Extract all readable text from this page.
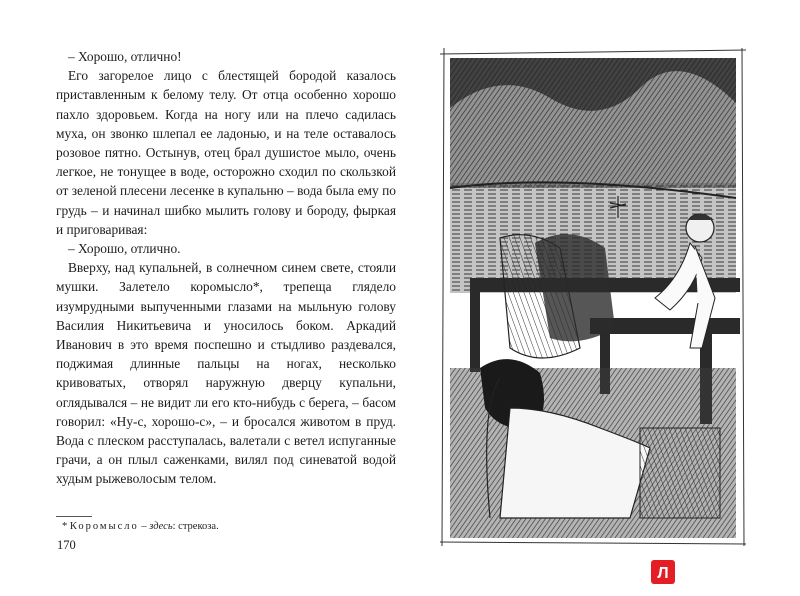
– Хорошо, отлично!

Его загорелое лицо с блестящей бородой казалось приставленным к белому телу. От отца особенно хорошо пахло здоровьем. Когда на ногу или на плечо садилась муха, он звонко шлепал ее ладонью, и на теле оставалось розовое пятно. Остынув, отец брал душистое мыло, очень легкое, не тонущее в воде, осторожно сходил по скользкой от зеленой плесени лесенке в купальню – вода была ему по грудь – и начинал шибко мылить голову и бороду, фыркая и приговаривая:

– Хорошо, отлично.

Вверху, над купальней, в солнечном синем свете, стояли мушки. Залетело коромысло*, трепеща глядело изумрудными выпученными глазами на мыльную голову Василия Никитьевича и уносилось боком. Аркадий Иванович в это время поспешно и стыдливо раздевался, поджимая длинные пальцы на ногах, несколько кривоватых, отворял наружную дверцу купальни, оглядывался – не видит ли его кто-нибудь с берега, – басом говорил: «Ну-с, хорошо-с», – и бросался животом в пруд. Вода с плеском расступалась, валетали с ветел испуганные грачи, а он плыл саженками, вилял под синеватой водой худым рыжеволосым телом.

* Коромысло – здесь: стрекоза.
170
Л
